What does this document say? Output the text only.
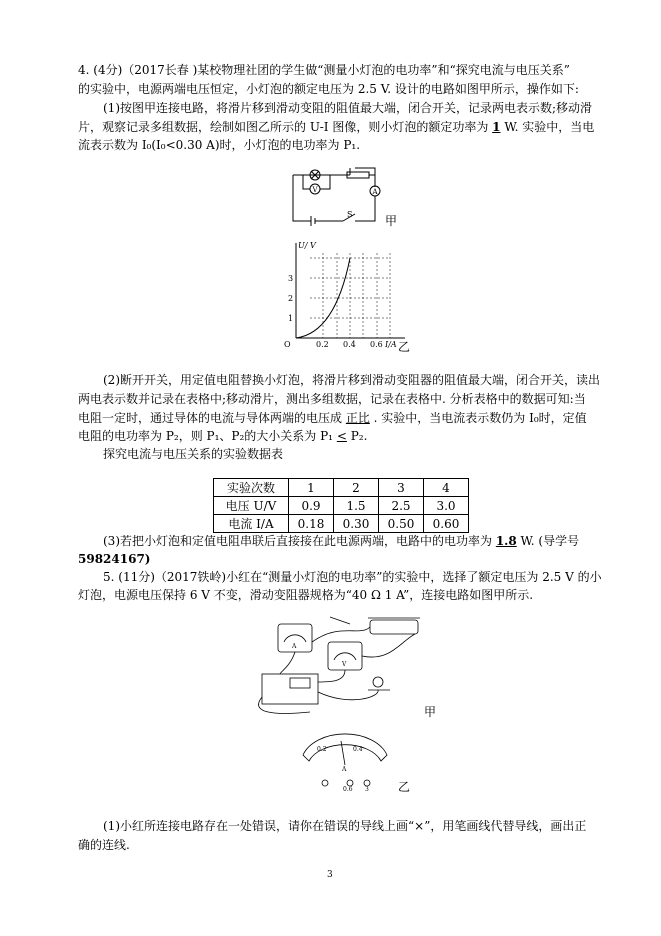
4. (4分)（2017长春 )某校物理社团的学生做“测量小灯泡的电功率”和“探究电流与电压关系”
的实验中，电源两端电压恒定，小灯泡的额定电压为 2.5 V. 设计的电路如图甲所示，操作如下:
(1)按图甲连接电路，将滑片移到滑动变阻的阻值最大端，闭合开关，记录两电表示数;移动滑
片，观察记录多组数据，绘制如图乙所示的 U-I 图像，则小灯泡的额定功率为 1 W. 实验中，当电
流表示数为 I₀(I₀<0.30 A)时，小灯泡的电功率为 P₁.
V	A
S	甲
U/ V
1
2
3
O	0.2 0.4 0.6 I/A 乙
(2)断开开关，用定值电阻替换小灯泡，将滑片移到滑动变阻器的阻值最大端，闭合开关，读出
两电表示数并记录在表格中;移动滑片，测出多组数据，记录在表格中. 分析表格中的数据可知:当
电阻一定时，通过导体的电流与导体两端的电压成 正比 . 实验中，当电流表示数仍为 I₀时，定值
电阻的电功率为 P₂，则 P₁、P₂的大小关系为 P₁ < P₂.
探究电流与电压关系的实验数据表
实验次数	1	2	3	4
电压 U/V	0.9	1.5	2.5	3.0
电流 I/A	0.18	0.30	0.50	0.60
(3)若把小灯泡和定值电阻串联后直接接在此电源两端，电路中的电功率为 1.8 W. (导学号
59824167)
5. (11分)（2017铁岭)小红在“测量小灯泡的电功率”的实验中，选择了额定电压为 2.5 V 的小
灯泡，电源电压保持 6 V 不变，滑动变阻器规格为“40 Ω 1 A”，连接电路如图甲所示.
A
V
甲
0.2	0.4
A
0.6 3 乙
(1)小红所连接电路存在一处错误，请你在错误的导线上画“×”，用笔画线代替导线，画出正
确的连线.
3
